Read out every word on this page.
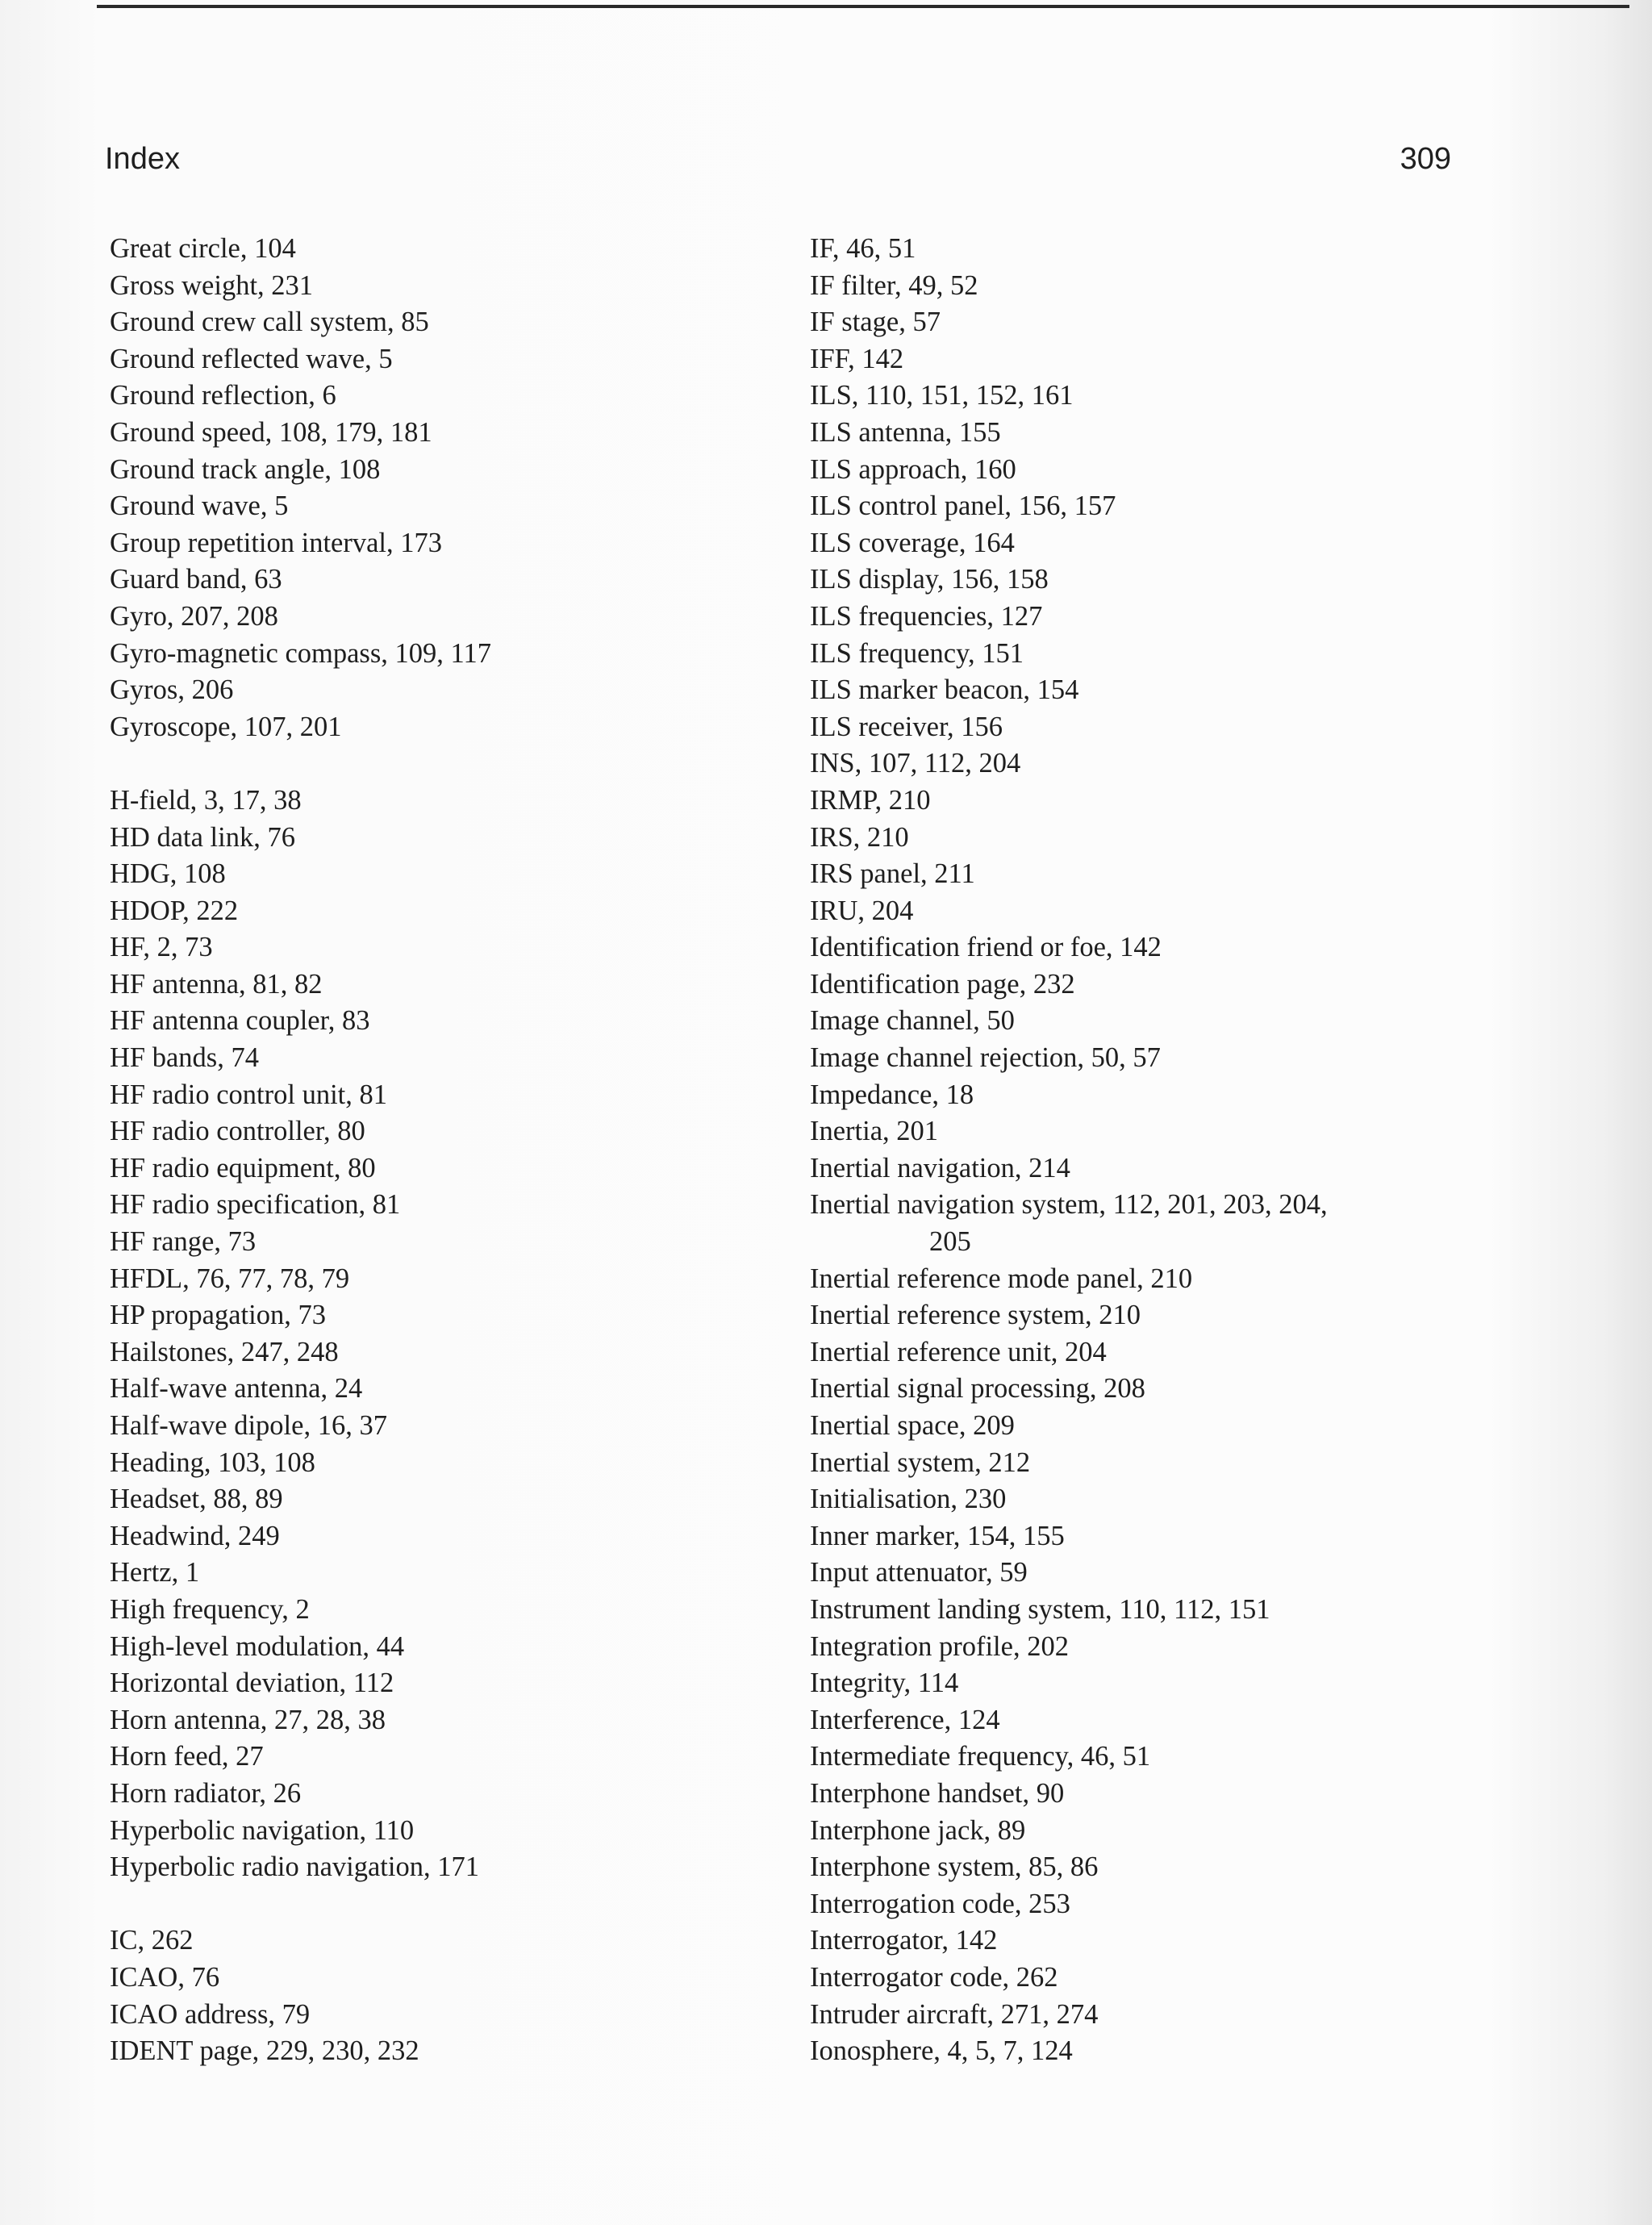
Index	309
Great circle, 104
Gross weight, 231
Ground crew call system, 85
Ground reflected wave, 5
Ground reflection, 6
Ground speed, 108, 179, 181
Ground track angle, 108
Ground wave, 5
Group repetition interval, 173
Guard band, 63
Gyro, 207, 208
Gyro-magnetic compass, 109, 117
Gyros, 206
Gyroscope, 107, 201
H-field, 3, 17, 38
HD data link, 76
HDG, 108
HDOP, 222
HF, 2, 73
HF antenna, 81, 82
HF antenna coupler, 83
HF bands, 74
HF radio control unit, 81
HF radio controller, 80
HF radio equipment, 80
HF radio specification, 81
HF range, 73
HFDL, 76, 77, 78, 79
HP propagation, 73
Hailstones, 247, 248
Half-wave antenna, 24
Half-wave dipole, 16, 37
Heading, 103, 108
Headset, 88, 89
Headwind, 249
Hertz, 1
High frequency, 2
High-level modulation, 44
Horizontal deviation, 112
Horn antenna, 27, 28, 38
Horn feed, 27
Horn radiator, 26
Hyperbolic navigation, 110
Hyperbolic radio navigation, 171
IC, 262
ICAO, 76
ICAO address, 79
IDENT page, 229, 230, 232
IF, 46, 51
IF filter, 49, 52
IF stage, 57
IFF, 142
ILS, 110, 151, 152, 161
ILS antenna, 155
ILS approach, 160
ILS control panel, 156, 157
ILS coverage, 164
ILS display, 156, 158
ILS frequencies, 127
ILS frequency, 151
ILS marker beacon, 154
ILS receiver, 156
INS, 107, 112, 204
IRMP, 210
IRS, 210
IRS panel, 211
IRU, 204
Identification friend or foe, 142
Identification page, 232
Image channel, 50
Image channel rejection, 50, 57
Impedance, 18
Inertia, 201
Inertial navigation, 214
Inertial navigation system, 112, 201, 203, 204,
205
Inertial reference mode panel, 210
Inertial reference system, 210
Inertial reference unit, 204
Inertial signal processing, 208
Inertial space, 209
Inertial system, 212
Initialisation, 230
Inner marker, 154, 155
Input attenuator, 59
Instrument landing system, 110, 112, 151
Integration profile, 202
Integrity, 114
Interference, 124
Intermediate frequency, 46, 51
Interphone handset, 90
Interphone jack, 89
Interphone system, 85, 86
Interrogation code, 253
Interrogator, 142
Interrogator code, 262
Intruder aircraft, 271, 274
Ionosphere, 4, 5, 7, 124
